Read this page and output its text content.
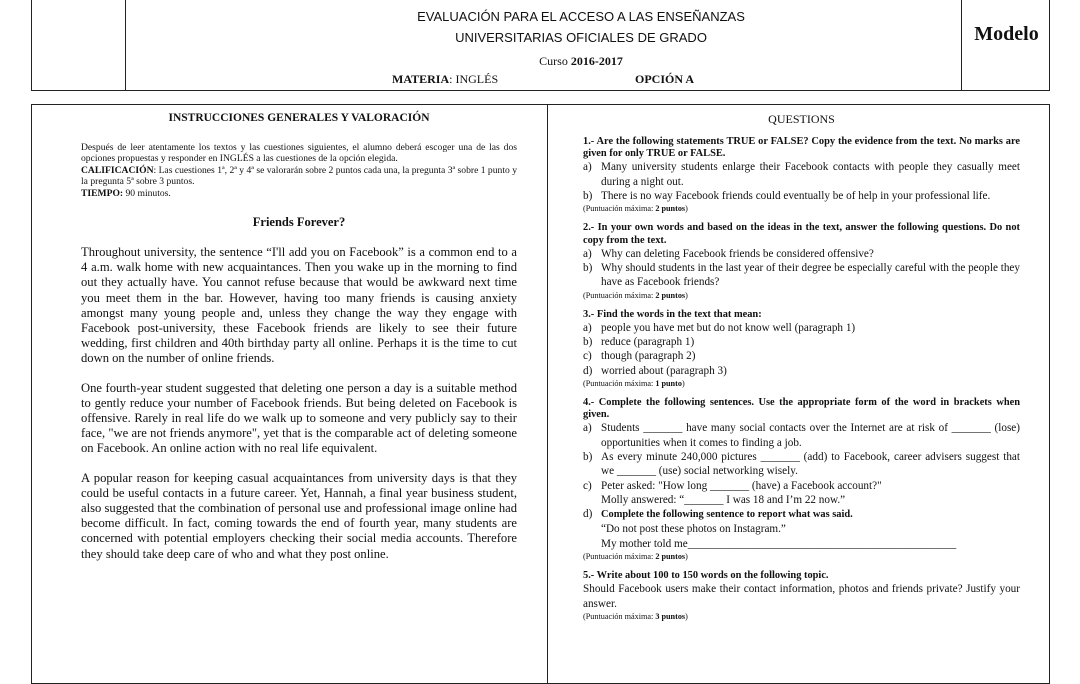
EVALUACIÓN PARA EL ACCESO A LAS ENSEÑANZAS
UNIVERSITARIAS OFICIALES DE GRADO
Curso 2016-2017
MATERIA: INGLÉS	OPCIÓN A
Modelo
INSTRUCCIONES GENERALES Y VALORACIÓN

Después de leer atentamente los textos y las cuestiones siguientes, el alumno deberá escoger una de las dos opciones propuestas y responder en INGLÉS a las cuestiones de la opción elegida.

CALIFICACIÓN: Las cuestiones 1ª, 2ª y 4ª se valorarán sobre 2 puntos cada una, la pregunta 3ª sobre 1 punto y la pregunta 5ª sobre 3 puntos.

TIEMPO: 90 minutos.

Friends Forever?

Throughout university, the sentence “I'll add you on Facebook” is a common end to a 4 a.m. walk home with new acquaintances. Then you wake up in the morning to find out they actually have. You cannot refuse because that would be awkward next time you meet them in the bar. However, having too many friends is causing anxiety amongst many young people and, unless they change the way they engage with Facebook post-university, these Facebook friends are likely to see their future wedding, first children and 40th birthday party all online. Perhaps it is the time to cut down on the number of online friends.

One fourth-year student suggested that deleting one person a day is a suitable method to gently reduce your number of Facebook friends. But being deleted on Facebook is offensive. Rarely in real life do we walk up to someone and very publicly say to their face, "we are not friends anymore", yet that is the comparable act of deleting someone on Facebook. An online action with no real life equivalent.

A popular reason for keeping casual acquaintances from university days is that they could be useful contacts in a future career. Yet, Hannah, a final year business student, also suggested that the combination of personal use and professional image online had become difficult. In fact, coming towards the end of fourth year, many students are concerned with potential employers checking their social media accounts. Therefore they should take deep care of who and what they post online.

QUESTIONS
1.- Are the following statements TRUE or FALSE? Copy the evidence from the text. No marks are given for only TRUE or FALSE.
a) Many university students enlarge their Facebook contacts with people they casually meet during a night out.
b) There is no way Facebook friends could eventually be of help in your professional life.
(Puntuación máxima: 2 puntos)
2.- In your own words and based on the ideas in the text, answer the following questions. Do not copy from the text.
a) Why can deleting Facebook friends be considered offensive?
b) Why should students in the last year of their degree be especially careful with the people they have as Facebook friends?
(Puntuación máxima: 2 puntos)
3.- Find the words in the text that mean:
a) people you have met but do not know well (paragraph 1)
b) reduce (paragraph 1)
c) though (paragraph 2)
d) worried about (paragraph 3)
(Puntuación máxima: 1 punto)
4.- Complete the following sentences. Use the appropriate form of the word in brackets when given.
a) Students _______ have many social contacts over the Internet are at risk of _______ (lose) opportunities when it comes to finding a job.
b) As every minute 240,000 pictures _______ (add) to Facebook, career advisers suggest that we _______ (use) social networking wisely.
c) Peter asked: "How long _______ (have) a Facebook account?"
Molly answered: “_______ I was 18 and I’m 22 now.”
d) Complete the following sentence to report what was said.
“Do not post these photos on Instagram.”
My mother told me________________________________________________
(Puntuación máxima: 2 puntos)
5.- Write about 100 to 150 words on the following topic.
Should Facebook users make their contact information, photos and friends private? Justify your answer.
(Puntuación máxima: 3 puntos)
